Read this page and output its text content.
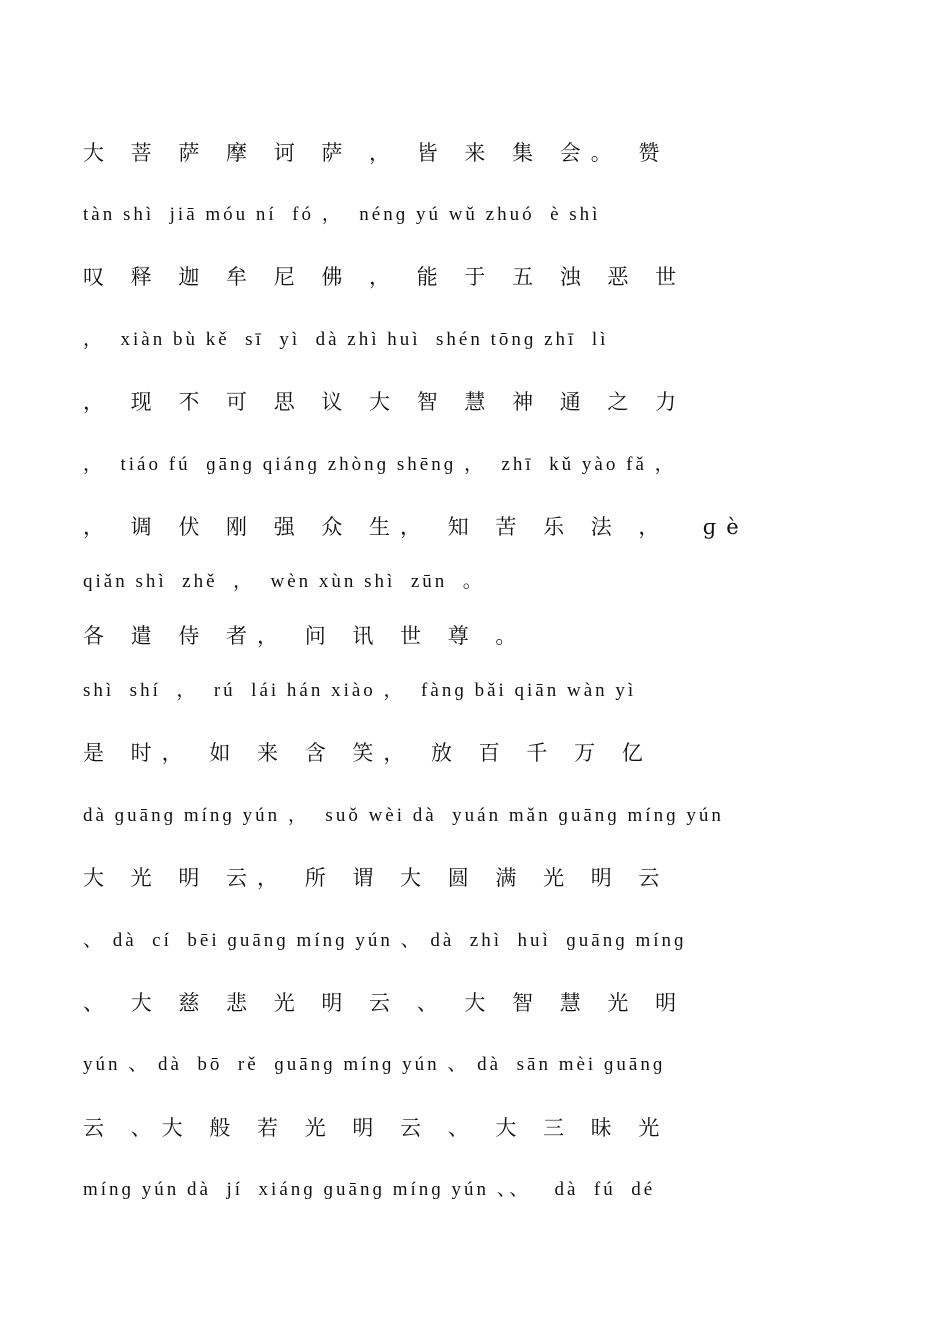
大 菩 萨 摩 诃 萨 ， 皆 来 集 会。 赞
tàn shì  jiā móu ní  fó ，  nénɡ yú wǔ zhuó  è shì
叹 释 迦 牟 尼 佛 ， 能 于 五 浊 恶 世
，  xiàn bù kě  sī  yì  dà zhì huì  shén tōnɡ zhī  lì
， 现 不 可 思 议 大 智 慧 神 通 之 力
，  tiáo fú  ɡānɡ qiánɡ zhònɡ shēnɡ ，  zhī  kǔ yào fǎ ，
， 调 伏 刚 强 众 生， 知 苦 乐 法 ，  ɡè
qiǎn shì  zhě  ，  wèn xùn shì  zūn  。
各 遣 侍 者， 问 讯 世 尊 。
shì  shí  ，  rú  lái hán xiào ，  fànɡ bǎi qiān wàn yì
是 时， 如 来 含 笑， 放 百 千 万 亿
dà ɡuānɡ mínɡ yún ，  suǒ wèi dà  yuán mǎn ɡuānɡ mínɡ yún
大 光 明 云， 所 谓 大 圆 满 光 明 云
、 dà  cí  bēi ɡuānɡ mínɡ yún 、 dà  zhì  huì  ɡuānɡ mínɡ
、 大 慈 悲 光 明 云 、 大 智 慧 光 明
yún 、 dà  bō  rě  ɡuānɡ mínɡ yún 、 dà  sān mèi ɡuānɡ
云 、大 般 若 光 明 云 、 大 三 昧 光
mínɡ yún dà  jí  xiánɡ ɡuānɡ mínɡ yún 、、   dà  fú  dé
